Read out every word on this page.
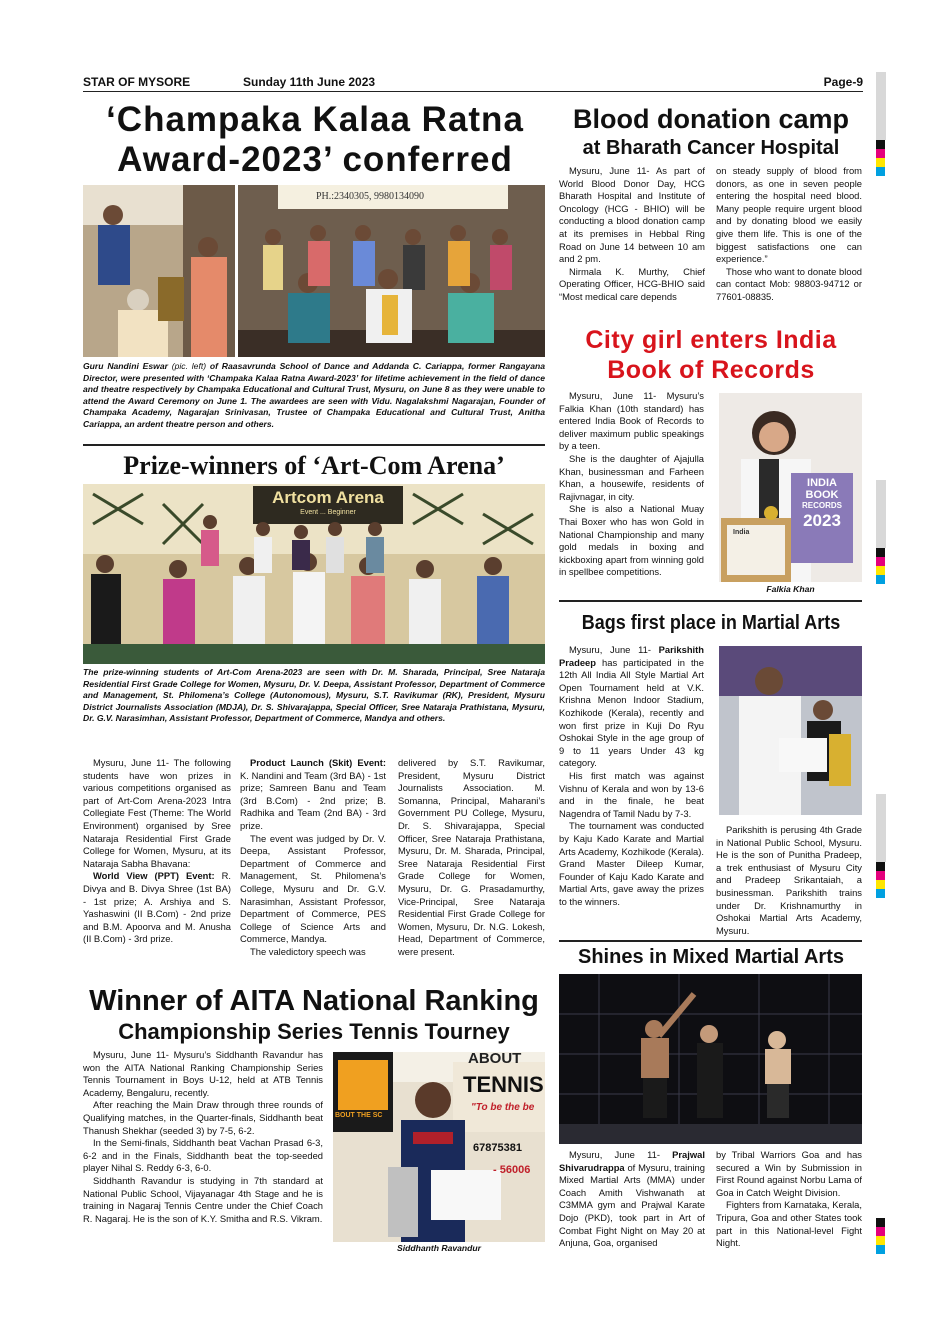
STAR OF MYSORE	Sunday 11th June 2023	Page-9
‘Champaka Kalaa Ratna
Award-2023’ conferred
PH.:2340305, 9980134090
Guru Nandini Eswar (pic. left) of Raasavrunda School of Dance and Addanda C. Cariappa, former Rangayana Director, were presented with ‘Champaka Kalaa Ratna Award-2023’ for lifetime achievement in the field of dance and theatre respectively by Champaka Educational and Cultural Trust, Mysuru, on June 8 as they were unable to attend the Award Ceremony on June 1. The awardees are seen with Vidu. Nagalakshmi Nagarajan, Founder of Champaka Academy, Nagarajan Srinivasan, Trustee of Champaka Educational and Cultural Trust, Anitha Cariappa, an ardent theatre person and others.
Prize-winners of ‘Art-Com Arena’
Artcom Arena
Event ... Beginner
The prize-winning students of Art-Com Arena-2023 are seen with Dr. M. Sharada, Principal, Sree Nataraja Residential First Grade College for Women, Mysuru, Dr. V. Deepa, Assistant Professor, Department of Commerce and Management, St. Philomena’s College (Autonomous), Mysuru, S.T. Ravikumar (RK), President, Mysuru District Journalists Association (MDJA), Dr. S. Shivarajappa, Special Officer, Sree Nataraja Prathistana, Mysuru, Dr. G.V. Narasimhan, Assistant Professor, Department of Commerce, Mandya and others.

Mysuru, June 11- The following students have won prizes in various competitions organised as part of Art-Com Arena-2023 Intra Collegiate Fest (Theme: The World Environment) organised by Sree Nataraja Residential First Grade College for Women, Mysuru, at its Nataraja Sabha Bhavana:

World View (PPT) Event: R. Divya and B. Divya Shree (1st BA) - 1st prize; A. Arshiya and S. Yashaswini (II B.Com) - 2nd prize and B.M. Apoorva and M. Anusha (II B.Com) - 3rd prize.

Product Launch (Skit) Event: K. Nandini and Team (3rd BA) - 1st prize; Samreen Banu and Team (3rd B.Com) - 2nd prize; B. Radhika and Team (2nd BA) - 3rd prize.

The event was judged by Dr. V. Deepa, Assistant Professor, Department of Commerce and Management, St. Philomena’s College, Mysuru and Dr. G.V. Narasimhan, Assistant Professor, Department of Commerce, PES College of Science Arts and Commerce, Mandya.

The valedictory speech was

delivered by S.T. Ravikumar, President, Mysuru District Journalists Association. M. Somanna, Principal, Maharani’s Government PU College, Mysuru, Dr. S. Shivarajappa, Special Officer, Sree Nataraja Prathistana, Mysuru, Dr. M. Sharada, Principal, Sree Nataraja Residential First Grade College for Women, Mysuru, Dr. G. Prasadamurthy, Vice-Principal, Sree Nataraja Residential First Grade College for Women, Mysuru, Dr. N.G. Lokesh, Head, Department of Commerce, were present.

Winner of AITA National Ranking
Championship Series Tennis Tourney

Mysuru, June 11- Mysuru’s Siddhanth Ravandur has won the AITA National Ranking Championship Series Tennis Tournament in Boys U-12, held at ATB Tennis Academy, Bengaluru, recently.

After reaching the Main Draw through three rounds of Qualifying matches, in the Quarter-finals, Siddhanth beat Thanush Shekhar (seeded 3) by 7-5, 6-2.

In the Semi-finals, Siddhanth beat Vachan Prasad 6-3, 6-2 and in the Finals, Siddhanth beat the top-seeded player Nihal S. Reddy 6-3, 6-0.

Siddhanth Ravandur is studying in 7th standard at National Public School, Vijayanagar 4th Stage and he is training in Nagaraj Tennis Centre under the Chief Coach R. Nagaraj. He is the son of K.Y. Smitha and R.S. Vikram.

ABOUT
TENNIS
"To be the be
67875381
- 56006
BOUT THE SC
Siddhanth Ravandur
Blood donation camp
at Bharath Cancer Hospital

Mysuru, June 11- As part of World Blood Donor Day, HCG Bharath Hospital and Institute of Oncology (HCG - BHIO) will be conducting a blood donation camp at its premises in Hebbal Ring Road on June 14 between 10 am and 2 pm.

Nirmala K. Murthy, Chief Operating Officer, HCG-BHIO said “Most medical care depends

on steady supply of blood from donors, as one in seven people entering the hospital need blood. Many people require urgent blood and by donating blood we easily give them life. This is one of the biggest satisfactions one can experience.”

Those who want to donate blood can contact Mob: 98803-94712 or 77601-08835.

City girl enters India
Book of Records

Mysuru, June 11- Mysuru’s Falkia Khan (10th standard) has entered India Book of Records to deliver maximum public speakings by a teen.

She is the daughter of Ajajulla Khan, businessman and Farheen Khan, a housewife, residents of Rajivnagar, in city.

She is also a National Muay Thai Boxer who has won Gold in National Championship and many gold medals in boxing and kickboxing apart from winning gold in spellbee competitions.

INDIA
BOOK
RECORDS
2023
India
Falkia Khan
Bags first place in Martial Arts

Mysuru, June 11- Parikshith Pradeep has participated in the 12th All India All Style Martial Art Open Tournament held at V.K. Krishna Menon Indoor Stadium, Kozhikode (Kerala), recently and won first prize in Kuji Do Ryu Oshokai Style in the age group of 9 to 11 years Under 43 kg category.

His first match was against Vishnu of Kerala and won by 13-6 and in the finale, he beat Nagendra of Tamil Nadu by 7-3.

The tournament was conducted by Kaju Kado Karate and Martial Arts Academy, Kozhikode (Kerala). Grand Master Dileep Kumar, Founder of Kaju Kado Karate and Martial Arts, gave away the prizes to the winners.

Parikshith is perusing 4th Grade in National Public School, Mysuru. He is the son of Punitha Pradeep, a trek enthusiast of Mysuru City and Pradeep Srikantaiah, a businessman. Parikshith trains under Dr. Krishnamurthy in Oshokai Martial Arts Academy, Mysuru.

Shines in Mixed Martial Arts

Mysuru, June 11- Prajwal Shivarudrappa of Mysuru, training Mixed Martial Arts (MMA) under Coach Amith Vishwanath at C3MMA gym and Prajwal Karate Dojo (PKD), took part in Art of Combat Fight Night on May 20 at Anjuna, Goa, organised

by Tribal Warriors Goa and has secured a Win by Submission in First Round against Norbu Lama of Goa in Catch Weight Division.

Fighters from Karnataka, Kerala, Tripura, Goa and other States took part in this National-level Fight Night.
